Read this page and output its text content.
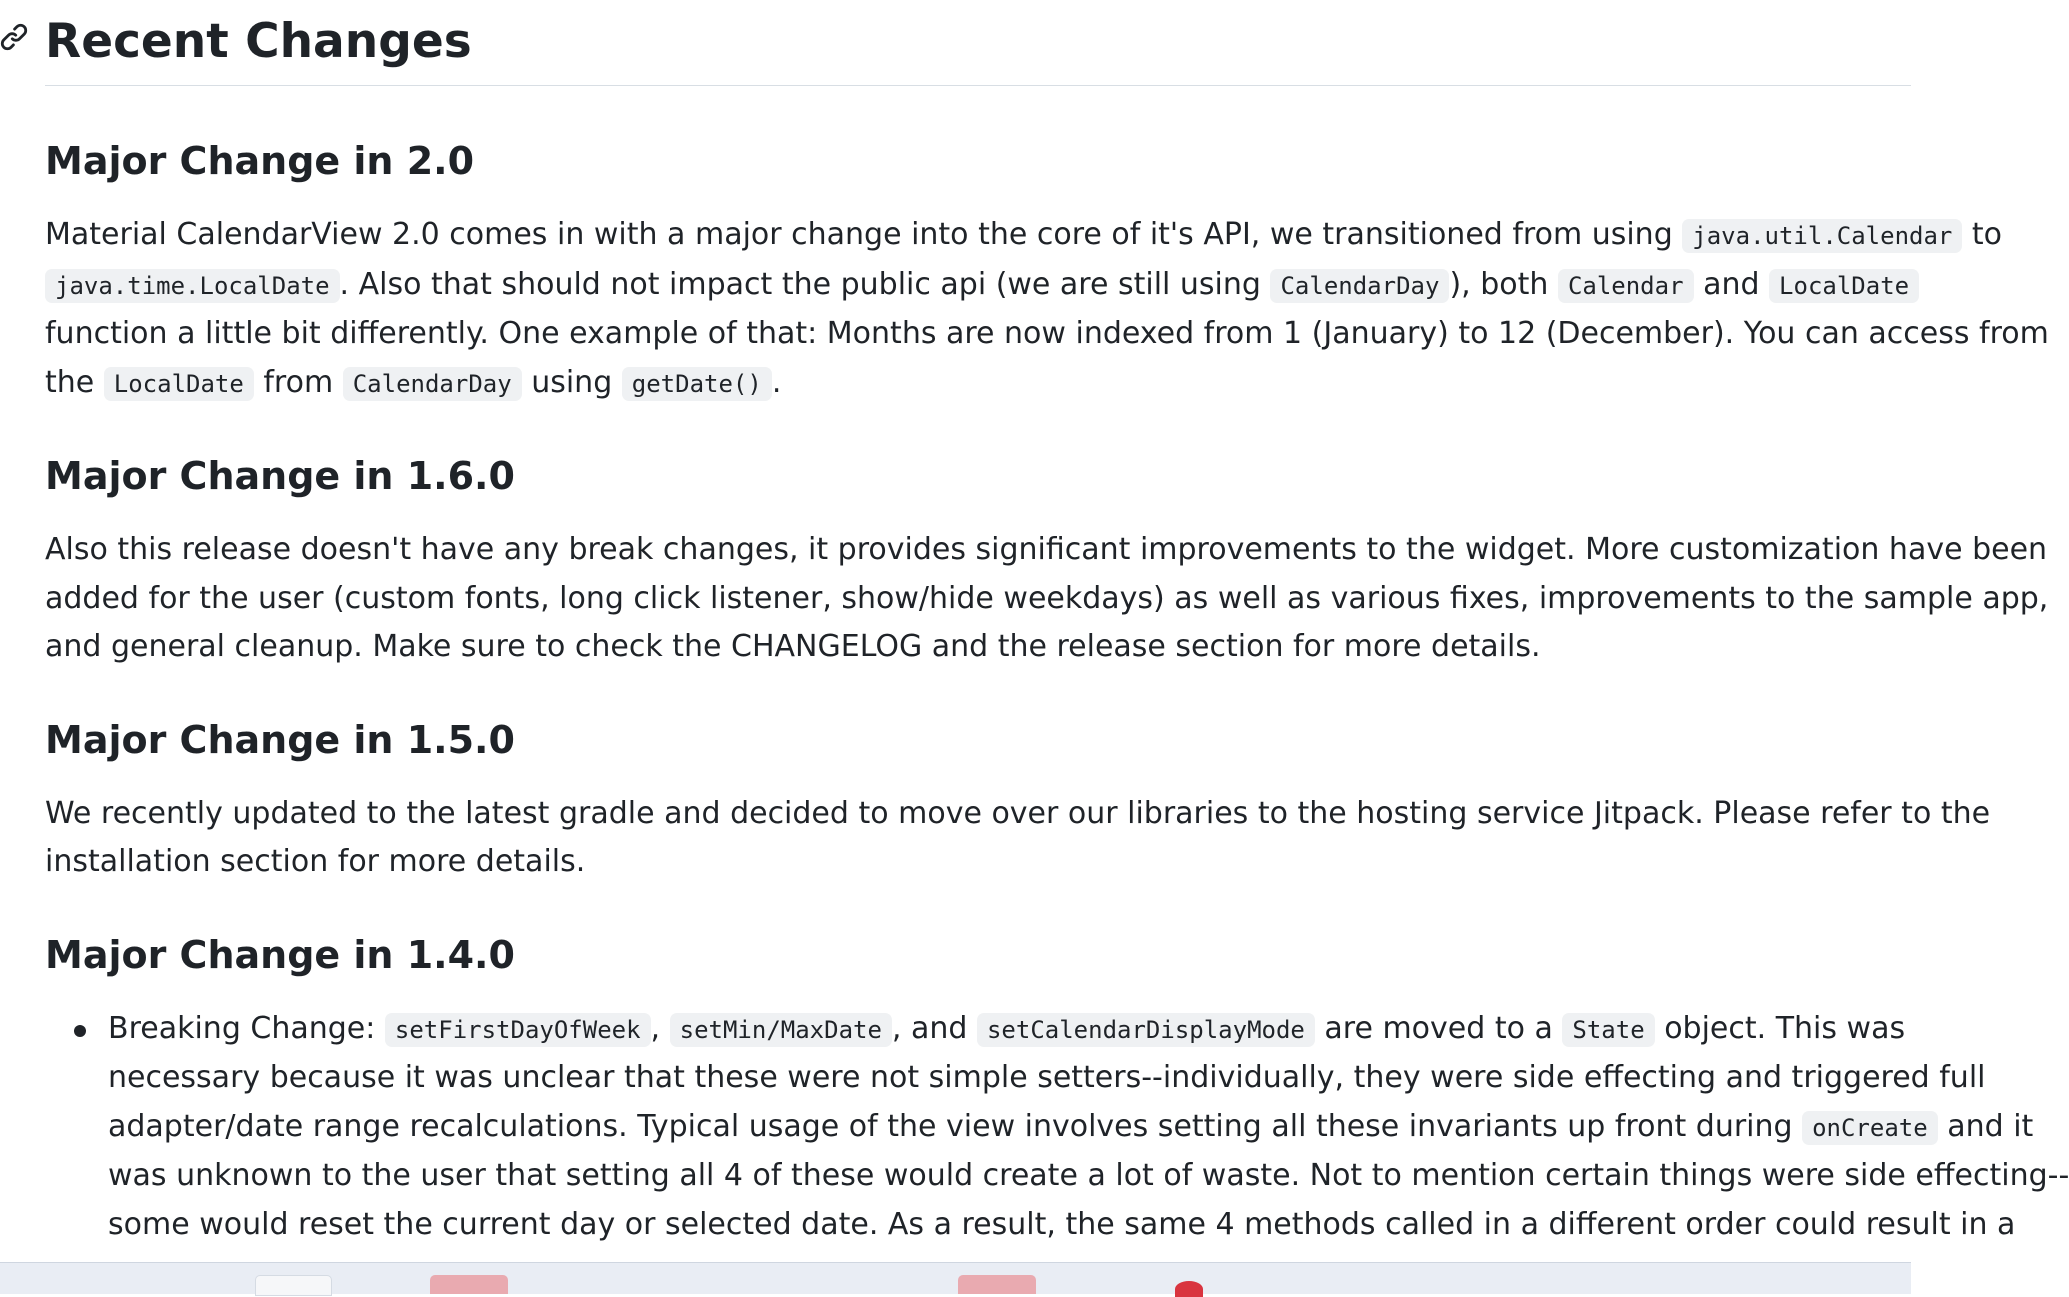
Recent Changes
Major Change in 2.0

Material CalendarView 2.0 comes in with a major change into the core of it's API, we transitioned from using java.util.Calendar to

java.time.LocalDate . Also that should not impact the public api (we are still using CalendarDay ), both Calendar and LocalDate

function a little bit differently. One example of that: Months are now indexed from 1 (January) to 12 (December). You can access from

the LocalDate from CalendarDay using getDate() .

Major Change in 1.6.0

Also this release doesn't have any break changes, it provides significant improvements to the widget. More customization have been

added for the user (custom fonts, long click listener, show/hide weekdays) as well as various fixes, improvements to the sample app,

and general cleanup. Make sure to check the CHANGELOG and the release section for more details.

Major Change in 1.5.0

We recently updated to the latest gradle and decided to move over our libraries to the hosting service Jitpack. Please refer to the

installation section for more details.

Major Change in 1.4.0
Breaking Change: setFirstDayOfWeek , setMin/MaxDate , and setCalendarDisplayMode are moved to a State object. This was
necessary because it was unclear that these were not simple setters--individually, they were side effecting and triggered full
adapter/date range recalculations. Typical usage of the view involves setting all these invariants up front during onCreate and it
was unknown to the user that setting all 4 of these would create a lot of waste. Not to mention certain things were side effecting--
some would reset the current day or selected date. As a result, the same 4 methods called in a different order could result in a
